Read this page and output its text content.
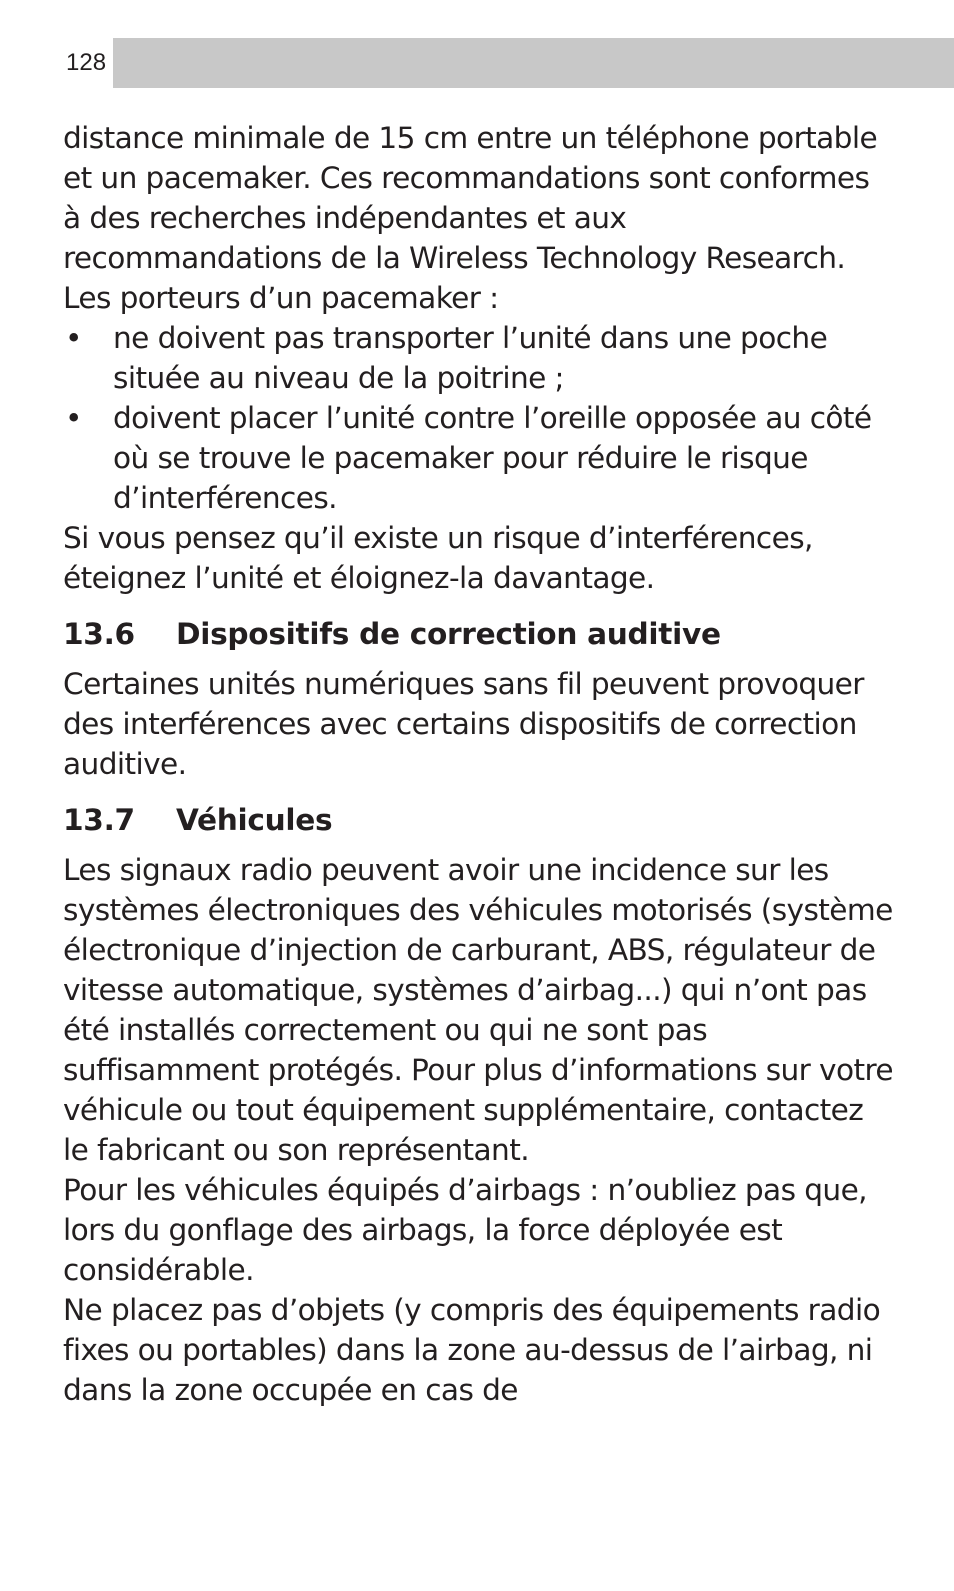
128

distance minimale de 15 cm entre un téléphone portable et un pacemaker. Ces recommandations sont conformes à des recherches indépendantes et aux recommandations de la Wireless Technology Research. Les porteurs d’un pacemaker :

• ne doivent pas transporter l’unité dans une poche située au niveau de la poitrine ;
• doivent placer l’unité contre l’oreille opposée au côté où se trouve le pacemaker pour réduire le risque d’interférences.

Si vous pensez qu’il existe un risque d’interférences, éteignez l’unité et éloignez-la davantage.

13.6 Dispositifs de correction auditive

Certaines unités numériques sans fil peuvent provoquer des interférences avec certains dispositifs de correction auditive.

13.7 Véhicules

Les signaux radio peuvent avoir une incidence sur les systèmes électroniques des véhicules motorisés (système électronique d’injection de carburant, ABS, régulateur de vitesse automatique, systèmes d’airbag...) qui n’ont pas été installés correctement ou qui ne sont pas suffisamment protégés. Pour plus d’informations sur votre véhicule ou tout équipement supplémentaire, contactez le fabricant ou son représentant.

Pour les véhicules équipés d’airbags : n’oubliez pas que, lors du gonflage des airbags, la force déployée est considérable.

Ne placez pas d’objets (y compris des équipements radio fixes ou portables) dans la zone au-dessus de l’airbag, ni dans la zone occupée en cas de
